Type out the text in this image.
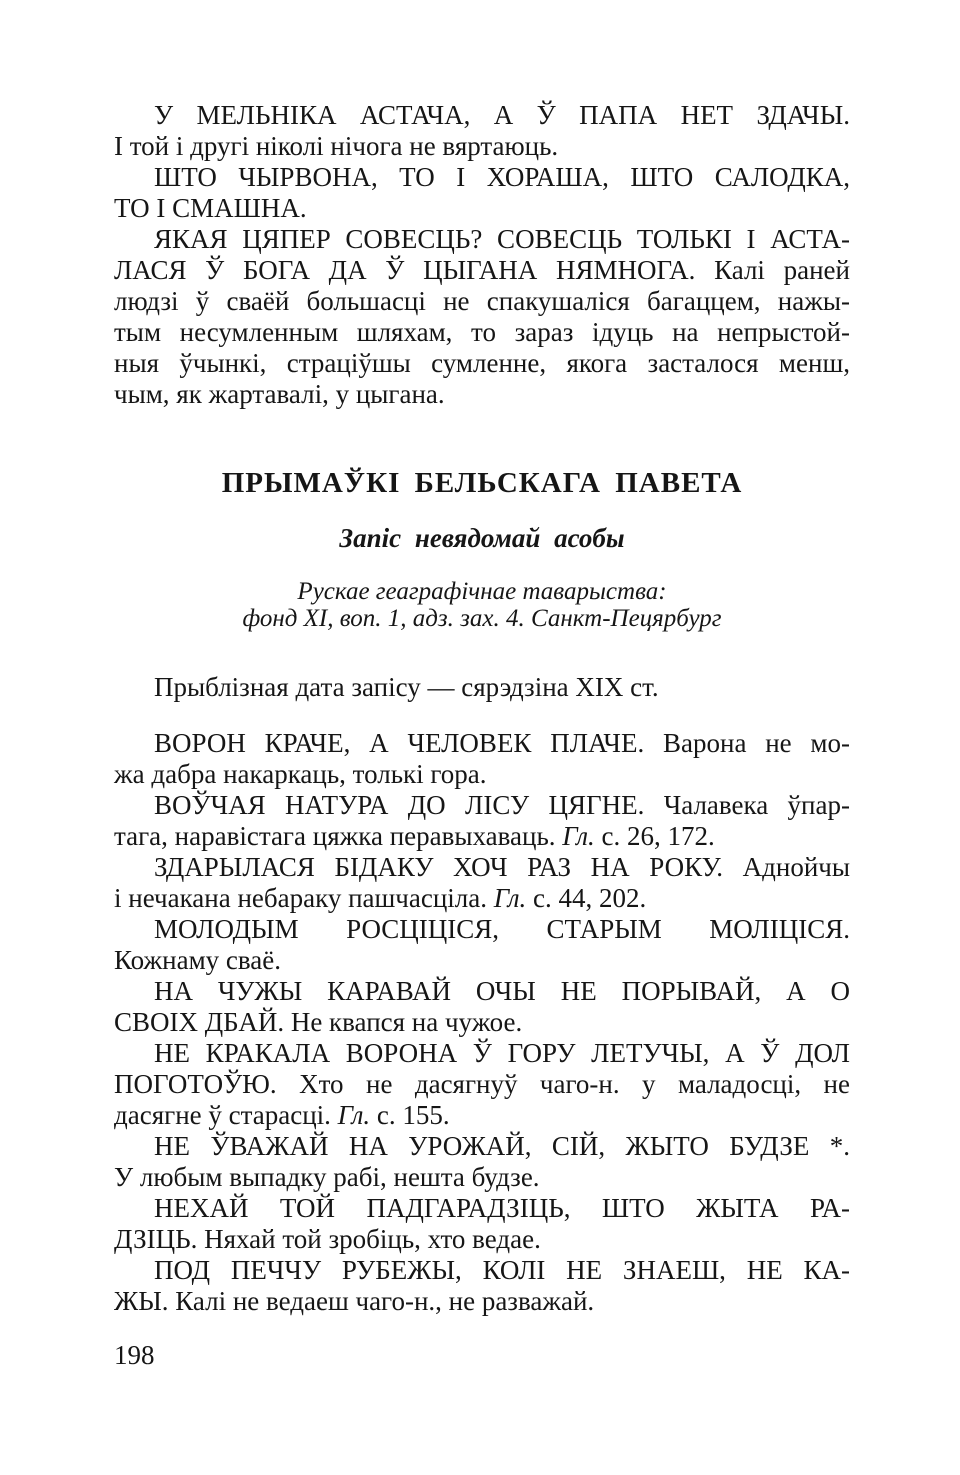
У МЕЛЬНІКА АСТАЧА, А Ў ПАПА НЕТ ЗДАЧЫ.
І той і другі ніколі нічога не вяртаюць.
ШТО ЧЫРВОНА, ТО І ХОРАША, ШТО САЛОДКА,
ТО І СМАШНА.
ЯКАЯ ЦЯПЕР СОВЕСЦЬ? СОВЕСЦЬ ТОЛЬКІ І АСТА-
ЛАСЯ Ў БОГА ДА Ў ЦЫГАНА НЯМНОГА. Калі раней
людзі ў сваёй большасці не спакушаліся багаццем, нажы-
тым несумленным шляхам, то зараз ідуць на непрыстой-
ныя ўчынкі, страціўшы сумленне, якога засталося менш,
чым, як жартавалі, у цыгана.
ПРЫМАЎКІ БЕЛЬСКАГА ПАВЕТА
Запіс невядомай асобы
Рускае геаграфічнае таварыства:
фонд XI, воп. 1, адз. зах. 4. Санкт-Пецярбург
Прыблізная дата запісу — сярэдзіна XIX ст.
ВОРОН КРАЧЕ, А ЧЕЛОВЕК ПЛАЧЕ. Варона не мо-
жа дабра накаркаць, толькі гора.
ВОЎЧАЯ НАТУРА ДО ЛІСУ ЦЯГНЕ. Чалавека ўпар-
тага, наравістага цяжка перавыхаваць. Гл. с. 26, 172.
ЗДАРЫЛАСЯ БІДАКУ ХОЧ РАЗ НА РОКУ. Аднойчы
і нечакана небараку пашчасціла. Гл. с. 44, 202.
МОЛОДЫМ РОСЦІЦІСЯ, СТАРЫМ МОЛІЦІСЯ.
Кожнаму сваё.
НА ЧУЖЫ КАРАВАЙ ОЧЫ НЕ ПОРЫВАЙ, А О
СВОІХ ДБАЙ. Не квапся на чужое.
НЕ КРАКАЛА ВОРОНА Ў ГОРУ ЛЕТУЧЫ, А Ў ДОЛ
ПОГОТОЎЮ. Хто не дасягнуў чаго-н. у маладосці, не
дасягне ў старасці. Гл. с. 155.
НЕ ЎВАЖАЙ НА УРОЖАЙ, СІЙ, ЖЫТО БУДЗЕ *.
У любым выпадку рабі, нешта будзе.
НЕХАЙ ТОЙ ПАДГАРАДЗІЦЬ, ШТО ЖЫТА РА-
ДЗІЦЬ. Няхай той зробіць, хто ведае.
ПОД ПЕЧЧУ РУБЕЖЫ, КОЛІ НЕ ЗНАЕШ, НЕ КА-
ЖЫ. Калі не ведаеш чаго-н., не разважай.
198
